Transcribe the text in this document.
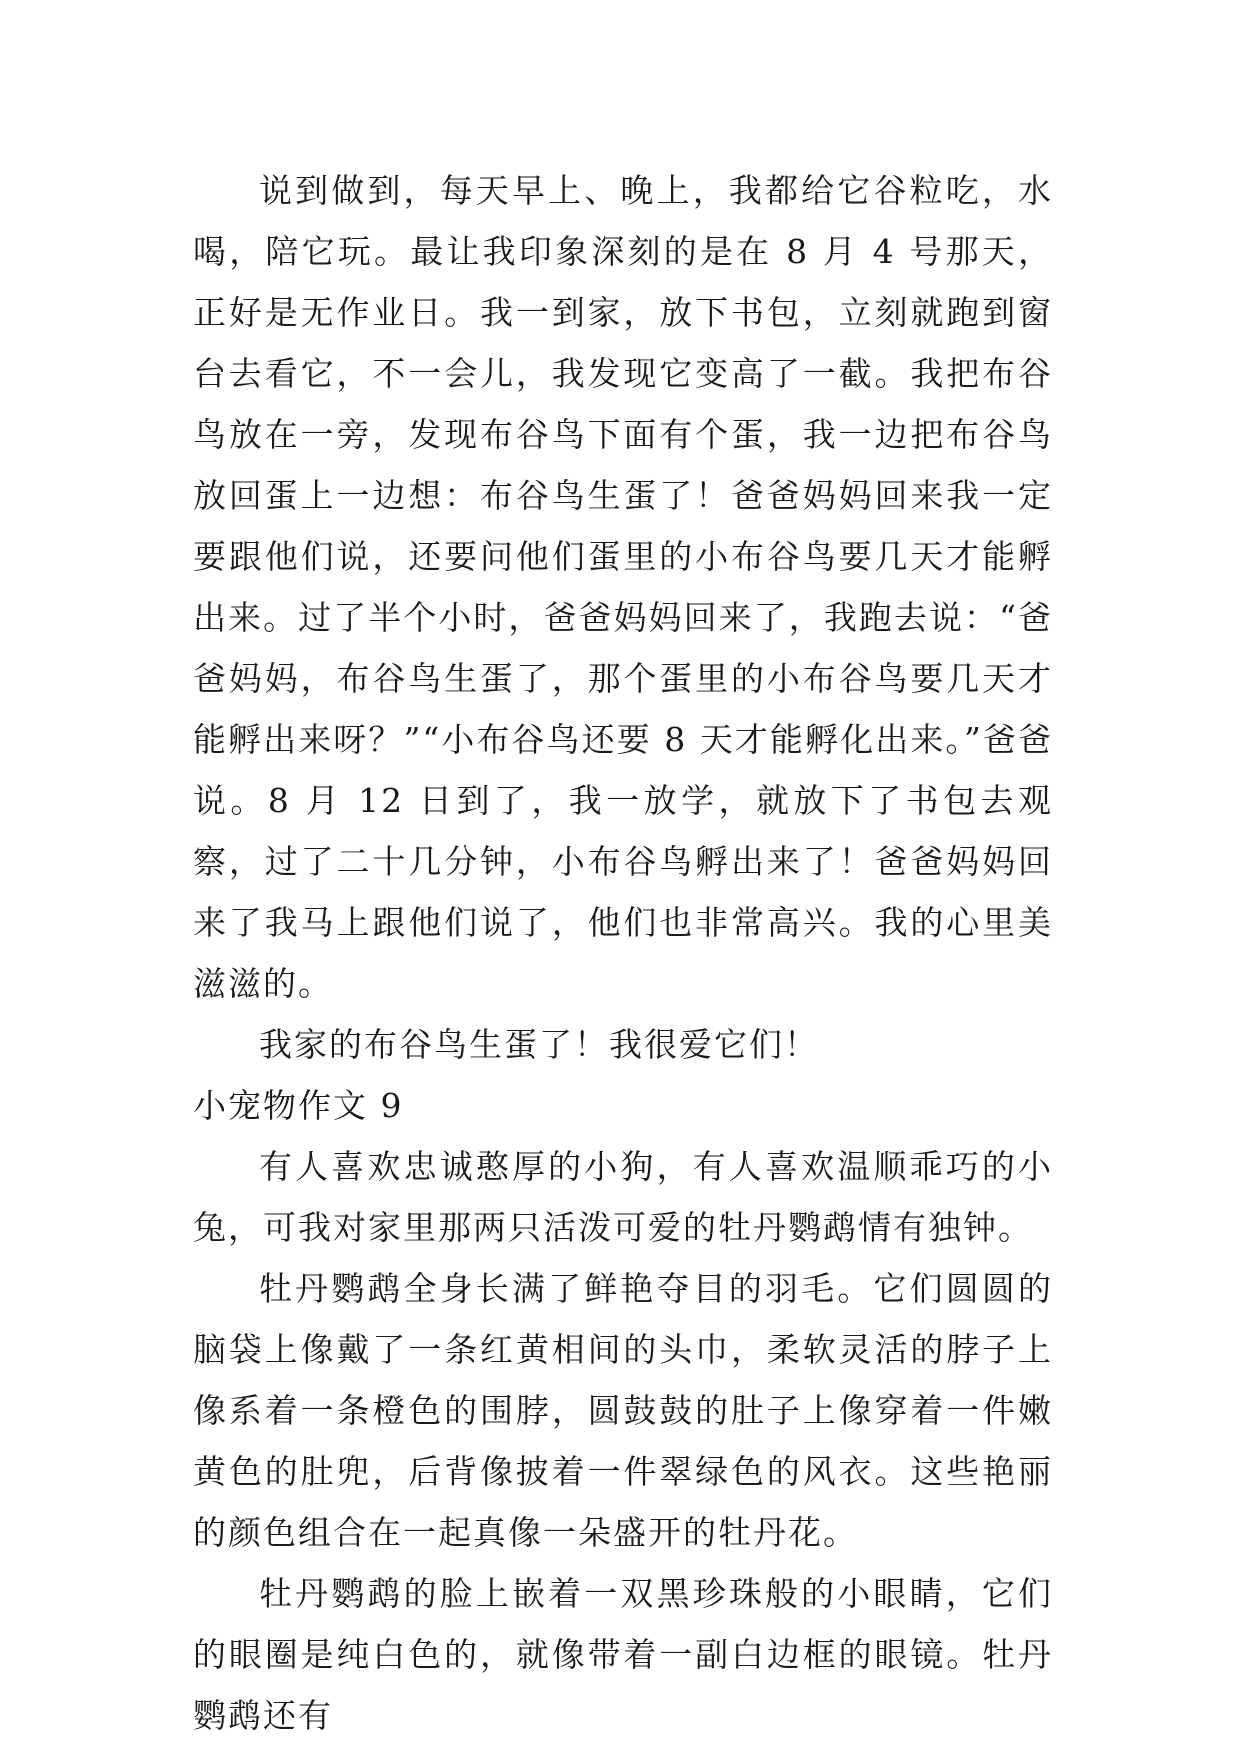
说到做到，每天早上、晚上，我都给它谷粒吃，水喝，陪它玩。最让我印象深刻的是在 8 月 4 号那天，正好是无作业日。我一到家，放下书包，立刻就跑到窗台去看它，不一会儿，我发现它变高了一截。我把布谷鸟放在一旁，发现布谷鸟下面有个蛋，我一边把布谷鸟放回蛋上一边想：布谷鸟生蛋了！爸爸妈妈回来我一定要跟他们说，还要问他们蛋里的小布谷鸟要几天才能孵出来。过了半个小时，爸爸妈妈回来了，我跑去说：“爸爸妈妈，布谷鸟生蛋了，那个蛋里的小布谷鸟要几天才能孵出来呀？”“小布谷鸟还要 8 天才能孵化出来。”爸爸说。8 月 12 日到了，我一放学，就放下了书包去观察，过了二十几分钟，小布谷鸟孵出来了！爸爸妈妈回来了我马上跟他们说了，他们也非常高兴。我的心里美滋滋的。

我家的布谷鸟生蛋了！我很爱它们！

小宠物作文 9

有人喜欢忠诚憨厚的小狗，有人喜欢温顺乖巧的小兔，可我对家里那两只活泼可爱的牡丹鹦鹉情有独钟。

牡丹鹦鹉全身长满了鲜艳夺目的羽毛。它们圆圆的脑袋上像戴了一条红黄相间的头巾，柔软灵活的脖子上像系着一条橙色的围脖，圆鼓鼓的肚子上像穿着一件嫩黄色的肚兜，后背像披着一件翠绿色的风衣。这些艳丽的颜色组合在一起真像一朵盛开的牡丹花。

牡丹鹦鹉的脸上嵌着一双黑珍珠般的小眼睛，它们的眼圈是纯白色的，就像带着一副白边框的眼镜。牡丹鹦鹉还有
